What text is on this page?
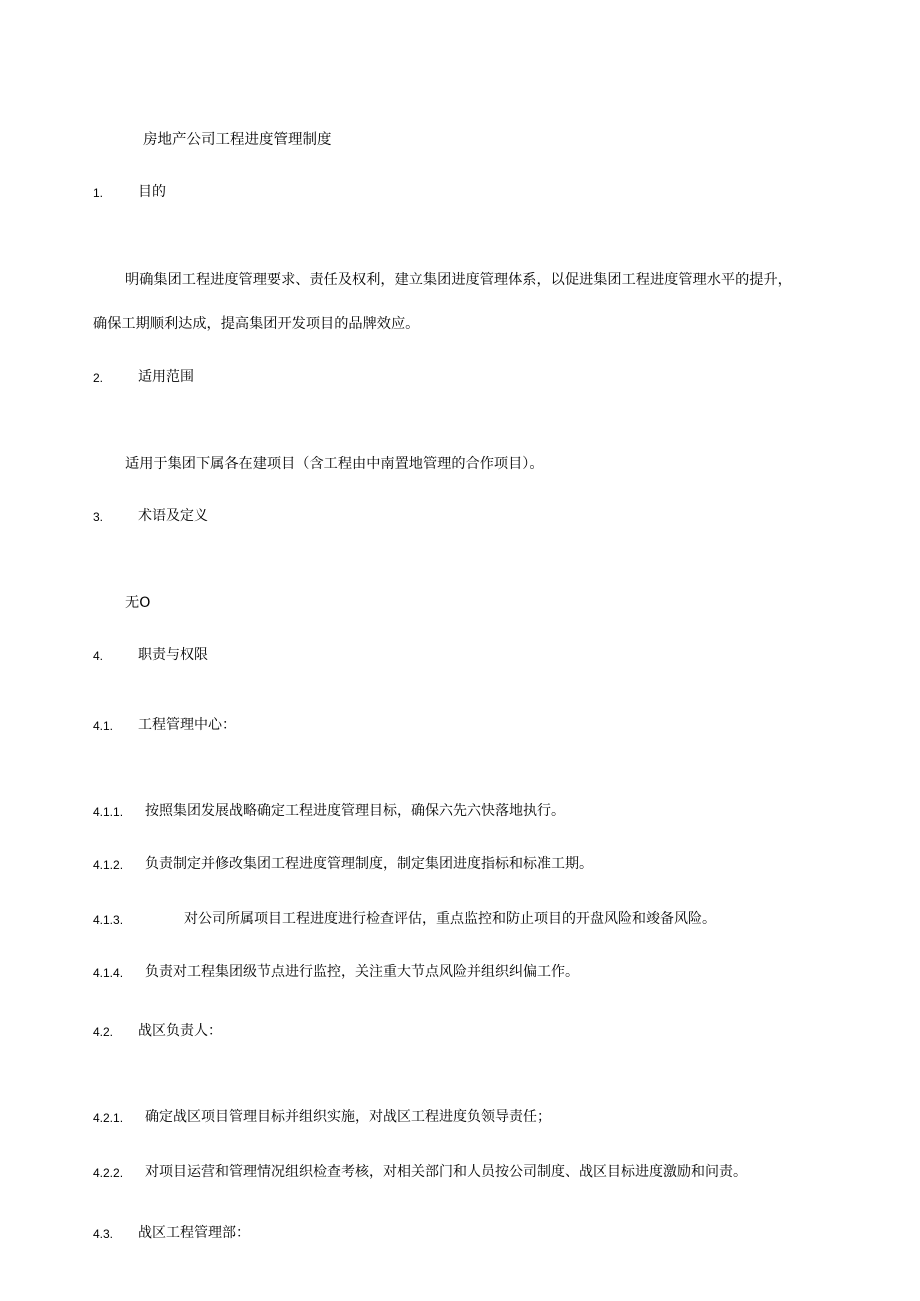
房地产公司工程进度管理制度
1. 目的
明确集团工程进度管理要求、责任及权利，建立集团进度管理体系，以促进集团工程进度管理水平的提升，
确保工期顺利达成，提高集团开发项目的品牌效应。
2. 适用范围
适用于集团下属各在建项目（含工程由中南置地管理的合作项目）。
3. 术语及定义
无O
4. 职责与权限
4.1. 工程管理中心：
4.1.1. 按照集团发展战略确定工程进度管理目标，确保六先六快落地执行。
4.1.2. 负责制定并修改集团工程进度管理制度，制定集团进度指标和标准工期。
4.1.3.	对公司所属项目工程进度进行检查评估，重点监控和防止项目的开盘风险和竣备风险。
4.1.4. 负责对工程集团级节点进行监控，关注重大节点风险并组织纠偏工作。
4.2. 战区负责人：
4.2.1. 确定战区项目管理目标并组织实施，对战区工程进度负领导责任；
4.2.2. 对项目运营和管理情况组织检查考核，对相关部门和人员按公司制度、战区目标进度激励和问责。
4.3. 战区工程管理部：
